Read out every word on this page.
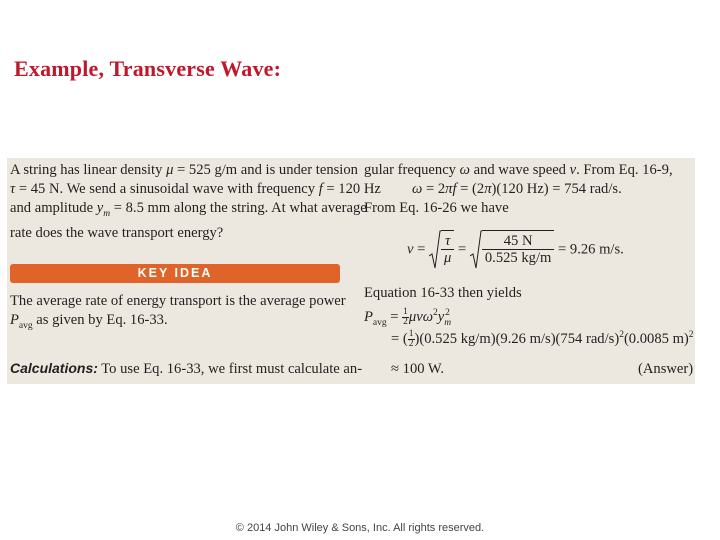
Example, Transverse Wave:

A string has linear density μ = 525 g/m and is under tension

τ = 45 N. We send a sinusoidal wave with frequency f = 120 Hz

and amplitude $y_m = 8.5$ mm along the string. At what average

rate does the wave transport energy?

KEY IDEA

The average rate of energy transport is the average power

$P_{avg}$ as given by Eq. 16-33.

Calculations: To use Eq. 16-33, we first must calculate an-

gular frequency ω and wave speed v. From Eq. 16-9,

ω = 2πf = (2π)(120 Hz) = 754 rad/s.

From Eq. 16-26 we have

$v = \frac{\tau}{\mu} = \frac{45 N}{0.525 kg/m} = 9.26$ m/s.

Equation 16-33 then yields

$P_{avg} = \frac{1}{2} \mu v\omega^2y_m^2$
= ( $\frac{1}{2} )(0.525$ kg/m)(9.26 m/s)(754 rad/s)$^2$(0.0085 m)$^2$
≈ 100 W.	(Answer)
© 2014 John Wiley & Sons, Inc. All rights reserved.
